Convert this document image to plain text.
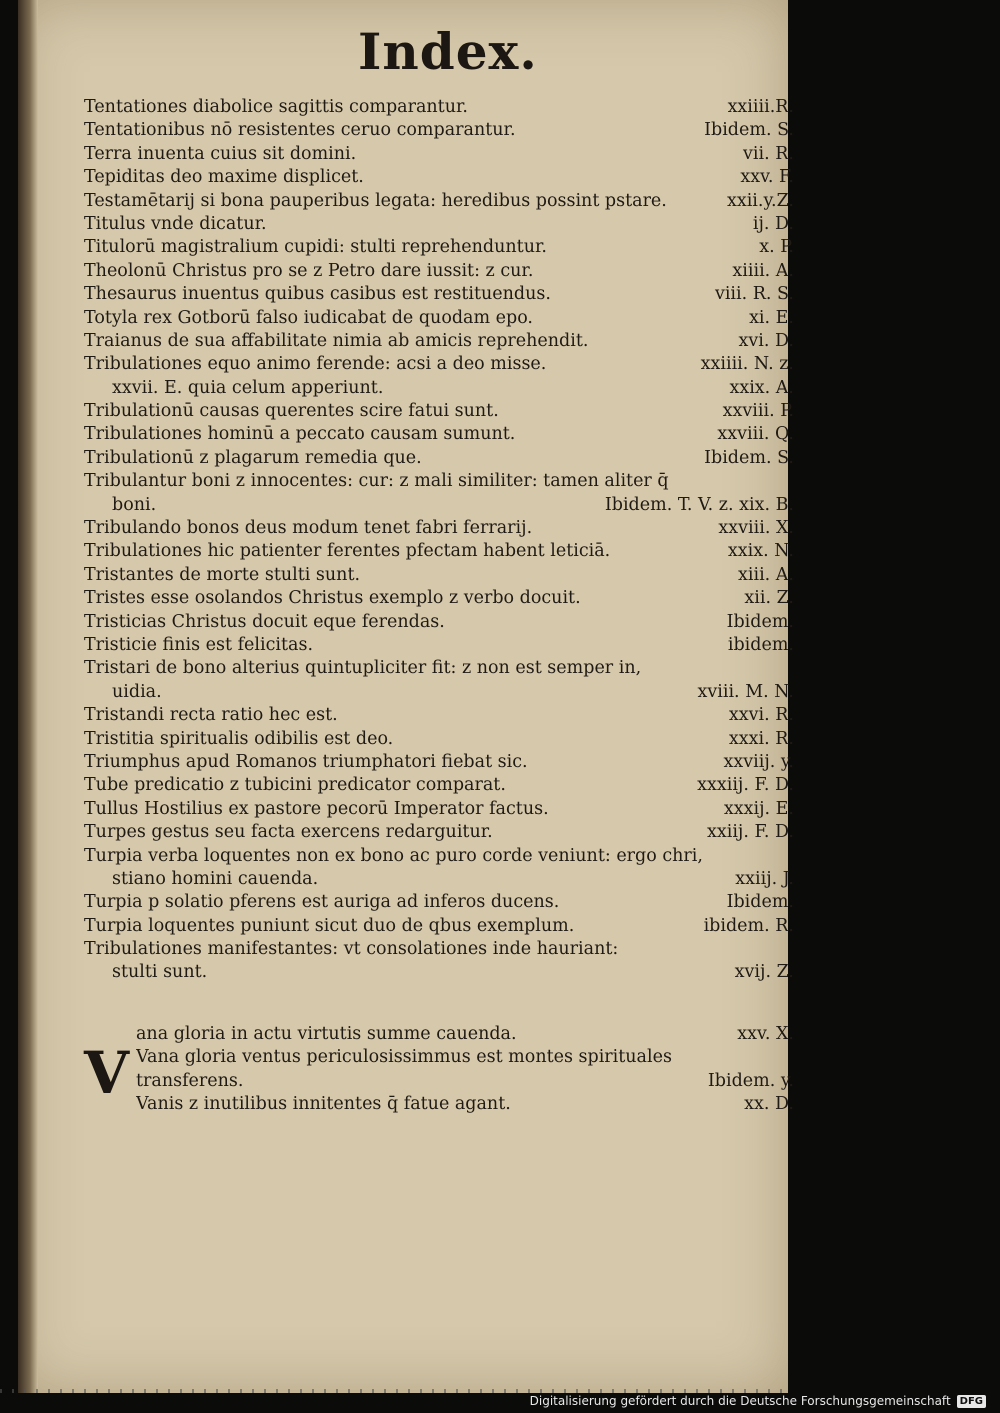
Index.
Tentationes diabolice sagittis comparantur.	xxiiii.R.
Tentationibus nō resistentes ceruo comparantur.	Ibidem. S.
Terra inuenta cuius sit domini.	vii. R.
Tepiditas deo maxime displicet.	xxv. F.
Testamētarij si bona pauperibus legata: heredibus possint pstare.	xxii.y.Z.
Titulus vnde dicatur.	ij. D.
Titulorū magistralium cupidi: stulti reprehenduntur.	x. P.
Theolonū Christus pro se z Petro dare iussit: z cur.	xiiii. A.
Thesaurus inuentus quibus casibus est restituendus.	viii. R. S.
Totyla rex Gotborū falso iudicabat de quodam epo.	xi. E.
Traianus de sua affabilitate nimia ab amicis reprehendit.	xvi. D.
Tribulationes equo animo ferende: acsi a deo misse.	xxiiii. N. z.
xxvii. E. quia celum apperiunt.	xxix. A.
Tribulationū causas querentes scire fatui sunt.	xxviii. P.
Tribulationes hominū a peccato causam sumunt.	xxviii. Q.
Tribulationū z plagarum remedia que.	Ibidem. S.
Tribulantur boni z innocentes: cur: z mali similiter: tamen aliter q̄
boni.	Ibidem. T. V. z. xix. B.
Tribulando bonos deus modum tenet fabri ferrarij.	xxviii. X.
Tribulationes hic patienter ferentes pfectam habent leticiā.	xxix. N.
Tristantes de morte stulti sunt.	xiii. A.
Tristes esse osolandos Christus exemplo z verbo docuit.	xii. Z.
Tristicias Christus docuit eque ferendas.	Ibidem.
Tristicie finis est felicitas.	ibidem.
Tristari de bono alterius quintupliciter fit: z non est semper in,
uidia.	xviii. M. N.
Tristandi recta ratio hec est.	xxvi. R.
Tristitia spiritualis odibilis est deo.	xxxi. R.
Triumphus apud Romanos triumphatori fiebat sic.	xxviij. y.
Tube predicatio z tubicini predicator comparat.	xxxiij. F. D.
Tullus Hostilius ex pastore pecorū Imperator factus.	xxxij. E.
Turpes gestus seu facta exercens redarguitur.	xxiij. F. D.
Turpia verba loquentes non ex bono ac puro corde veniunt: ergo chri,
stiano homini cauenda.	xxiij. J.
Turpia p solatio pferens est auriga ad inferos ducens.	Ibidem.
Turpia loquentes puniunt sicut duo de qbus exemplum.	ibidem. R.
Tribulationes manifestantes: vt consolationes inde hauriant:
stulti sunt.	xvij. Z.
ana gloria in actu virtutis summe cauenda.	xxv. X.
Vana gloria ventus periculosissimmus est montes spirituales
transferens.	Ibidem. y.
Vanis z inutilibus innitentes q̄ fatue agant.	xx. D.
V
Digitalisierung gefördert durch die Deutsche Forschungsgemeinschaft DFG
